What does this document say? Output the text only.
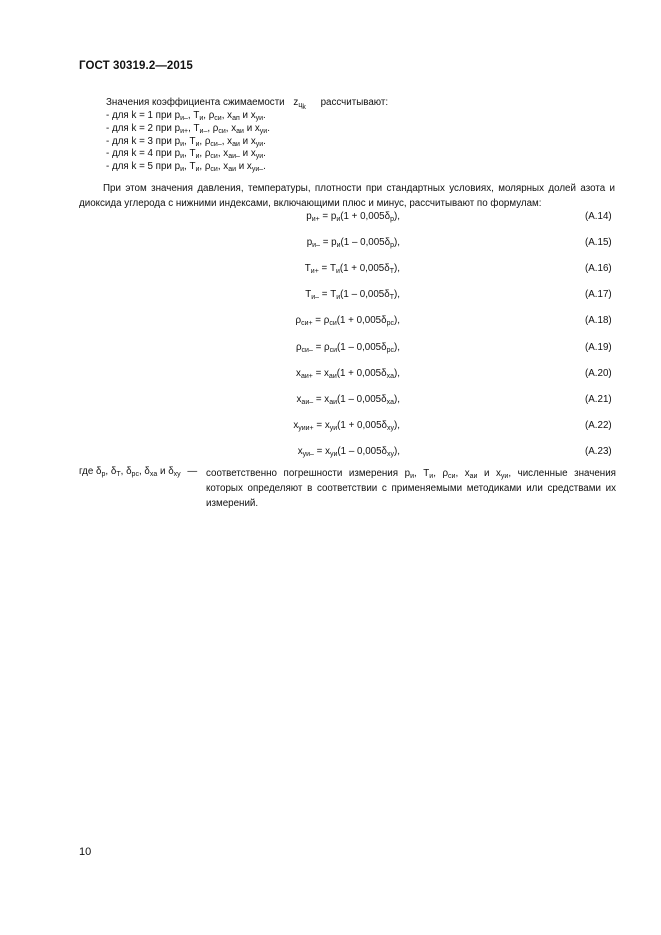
ГОСТ 30319.2—2015
Значения коэффициента сжимаемости $z_{ц_k}$ рассчитывают:
- для k = 1 при $p_{и-}$, $Т_и$, $\rho_{си}$, $x_{ап}$ и $x_{уи}$.
- для k = 2 при $p_{и+}$, $Т_{и-}$, $\rho_{си}$, $x_{аи}$ и $x_{уи}$.
- для k = 3 при $p_и$, $Т_и$, $\rho_{си-}$, $x_{аи}$ и $x_{уи}$.
- для k = 4 при $p_и$, $Т_и$, $\rho_{си}$, $x_{аи-}$ и $x_{уи}$.
- для k = 5 при $p_и$, $Т_и$, $\rho_{си}$, $x_{аи}$ и $x_{уи-}$.
При этом значения давления, температуры, плотности при стандартных условиях, молярных долей азота и диоксида углерода с нижними индексами, включающими плюс и минус, рассчитывают по формулам:
$p_{и+} = p_и(1 + 0,005\delta_р)$,	(А.14)
$p_{и-} = p_и(1 - 0,005\delta_р)$,	(А.15)
$Т_{и+} = Т_и(1 + 0,005\delta_Т)$,	(А.16)
$Т_{и-} = Т_и(1 - 0,005\delta_Т)$,	(А.17)
$\rho_{си+} = \rho_{си}(1 + 0,005\delta_{рс})$,	(А.18)
$\rho_{си-} = \rho_{си}(1 - 0,005\delta_{рс})$,	(А.19)
$x_{аи+} = x_{аи}(1 + 0,005\delta_{xa})$,	(А.20)
$x_{аи-} = x_{аи}(1 - 0,005\delta_{xa})$,	(А.21)
$x_{уии+} = x_{уи}(1 + 0,005\delta_{xy})$,	(А.22)
$x_{уи-} = x_{уи}(1 - 0,005\delta_{xy})$,	(А.23)
где $\delta_р$, $\delta_Т$, $\delta_{рс}$, $\delta_{xa}$ и $\delta_{xy}$ — соответственно погрешности измерения $p_и$, $Т_и$, $\rho_{си}$, $x_{аи}$ и $x_{уи}$, численные значения которых определяют в соответствии с применяемыми методиками или средствами их измерений.
10
